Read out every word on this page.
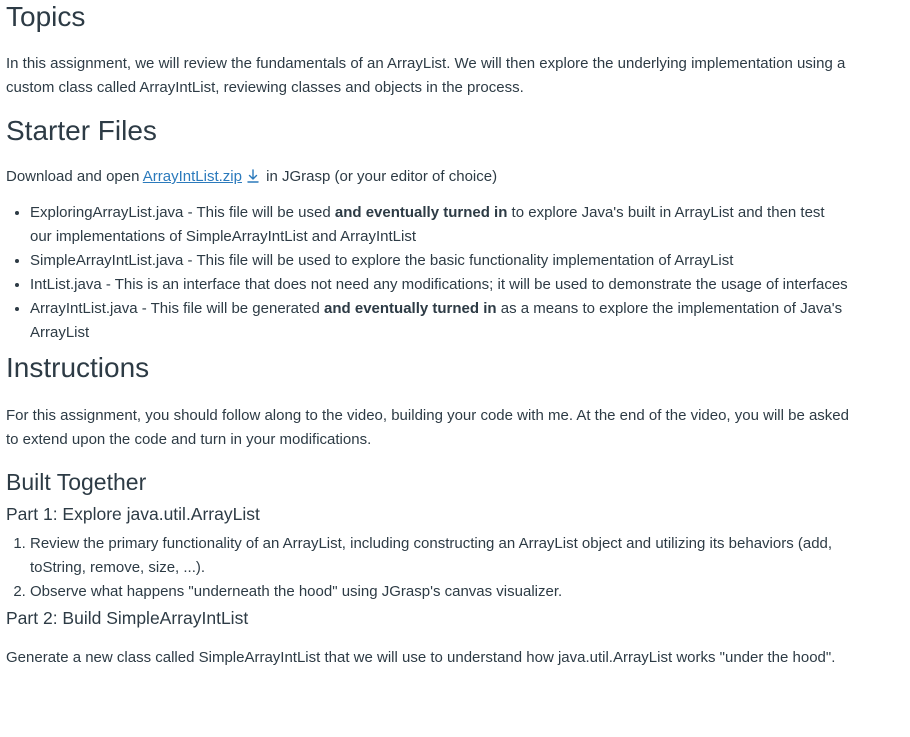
Topics

In this assignment, we will review the fundamentals of an ArrayList. We will then explore the underlying implementation using a custom class called ArrayIntList, reviewing classes and objects in the process.

Starter Files

Download and open ArrayIntList.zip in JGrasp (or your editor of choice)

• ExploringArrayList.java - This file will be used and eventually turned in to explore Java's built in ArrayList and then test our implementations of SimpleArrayIntList and ArrayIntList
• SimpleArrayIntList.java - This file will be used to explore the basic functionality implementation of ArrayList
• IntList.java - This is an interface that does not need any modifications; it will be used to demonstrate the usage of interfaces
• ArrayIntList.java - This file will be generated and eventually turned in as a means to explore the implementation of Java's ArrayList
Instructions

For this assignment, you should follow along to the video, building your code with me. At the end of the video, you will be asked to extend upon the code and turn in your modifications.

Built Together
Part 1: Explore java.util.ArrayList
1. Review the primary functionality of an ArrayList, including constructing an ArrayList object and utilizing its behaviors (add, toString, remove, size, ...).
2. Observe what happens "underneath the hood" using JGrasp's canvas visualizer.
Part 2: Build SimpleArrayIntList

Generate a new class called SimpleArrayIntList that we will use to understand how java.util.ArrayList works "under the hood".
